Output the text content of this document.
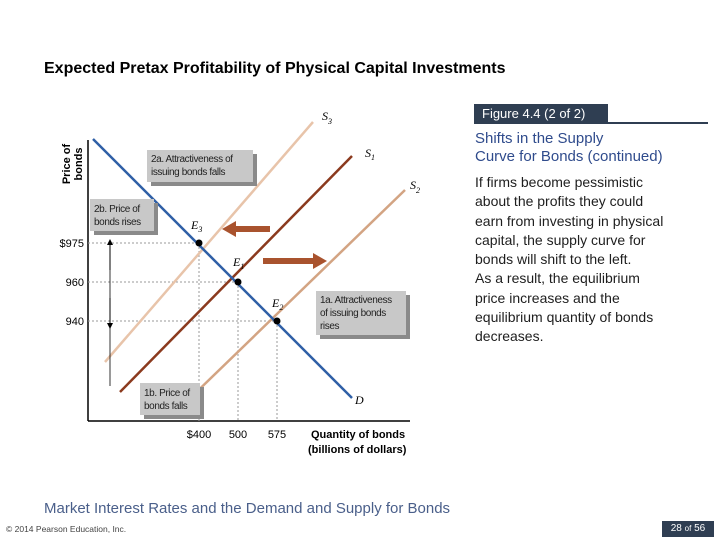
Expected Pretax Profitability of Physical Capital Investments
Figure 4.4 (2 of 2)
Shifts in the Supply
Curve for Bonds (continued)

If firms become pessimistic

about the profits they could

earn from investing in physical

capital, the supply curve for

bonds will shift to the left.

As a result, the equilibrium

price increases and the

equilibrium quantity of bonds

decreases.

$E_3$
$E_1$
$E_2$
$S_3$
$S_1$
$S_2$
D
2a. Attractiveness of
issuing bonds falls
2b. Price of
bonds rises
1a. Attractiveness
of issuing bonds
rises
1b. Price of
bonds falls
$975
960
940
$400 500 575
Price of bonds
Quantity of bonds
(billions of dollars)
Market Interest Rates and the Demand and Supply for Bonds
© 2014 Pearson Education, Inc.	28 of 56
